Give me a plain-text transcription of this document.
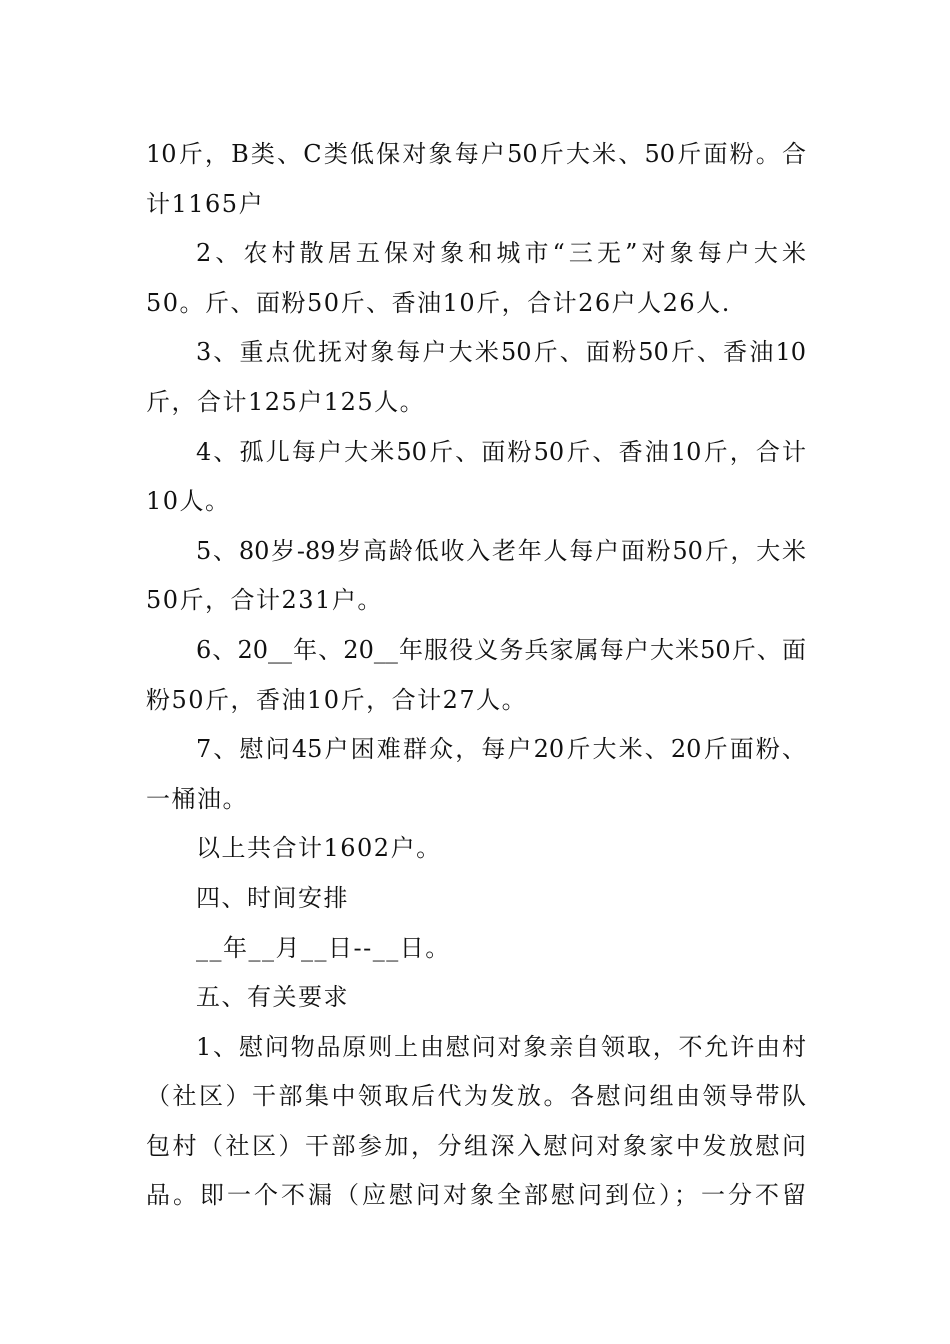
10斤，B类、C类低保对象每户50斤大米、50斤面粉。合
计1165户
2、农村散居五保对象和城市“三无”对象每户大米
50。斤、面粉50斤、香油10斤，合计26户人26人.
3、重点优抚对象每户大米50斤、面粉50斤、香油10
斤，合计125户125人。
4、孤儿每户大米50斤、面粉50斤、香油10斤，合计
10人。
5、80岁-89岁高龄低收入老年人每户面粉50斤，大米
50斤，合计231户。
6、20__年、20__年服役义务兵家属每户大米50斤、面
粉50斤，香油10斤，合计27人。
7、慰问45户困难群众，每户20斤大米、20斤面粉、
一桶油。
以上共合计1602户。
四、时间安排
__年__月__日--__日。
五、有关要求
1、慰问物品原则上由慰问对象亲自领取，不允许由村
（社区）干部集中领取后代为发放。各慰问组由领导带队
包村（社区）干部参加，分组深入慰问对象家中发放慰问
品。即一个不漏（应慰问对象全部慰问到位）；一分不留
